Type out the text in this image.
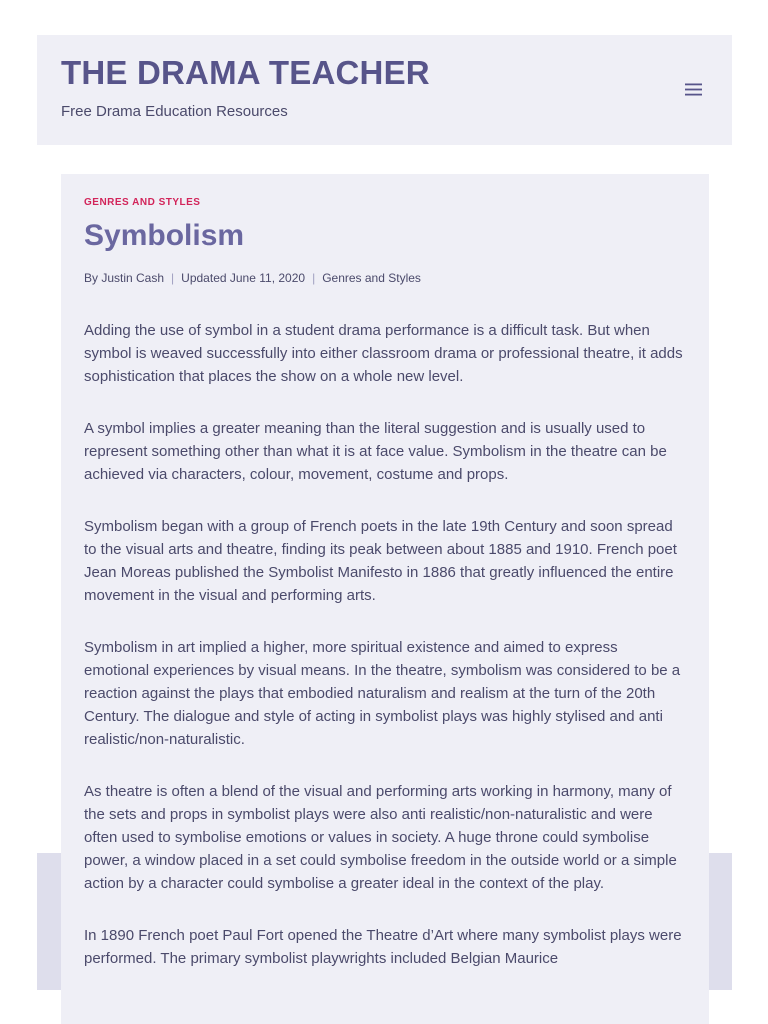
THE DRAMA TEACHER
Free Drama Education Resources
GENRES AND STYLES
Symbolism
By Justin Cash | Updated June 11, 2020 | Genres and Styles

Adding the use of symbol in a student drama performance is a difficult task. But when symbol is weaved successfully into either classroom drama or professional theatre, it adds sophistication that places the show on a whole new level.

A symbol implies a greater meaning than the literal suggestion and is usually used to represent something other than what it is at face value. Symbolism in the theatre can be achieved via characters, colour, movement, costume and props.

Symbolism began with a group of French poets in the late 19th Century and soon spread to the visual arts and theatre, finding its peak between about 1885 and 1910. French poet Jean Moreas published the Symbolist Manifesto in 1886 that greatly influenced the entire movement in the visual and performing arts.

Symbolism in art implied a higher, more spiritual existence and aimed to express emotional experiences by visual means. In the theatre, symbolism was considered to be a reaction against the plays that embodied naturalism and realism at the turn of the 20th Century. The dialogue and style of acting in symbolist plays was highly stylised and anti realistic/non-naturalistic.

As theatre is often a blend of the visual and performing arts working in harmony, many of the sets and props in symbolist plays were also anti realistic/non-naturalistic and were often used to symbolise emotions or values in society. A huge throne could symbolise power, a window placed in a set could symbolise freedom in the outside world or a simple action by a character could symbolise a greater ideal in the context of the play.

In 1890 French poet Paul Fort opened the Theatre d’Art where many symbolist plays were performed. The primary symbolist playwrights included Belgian Maurice
